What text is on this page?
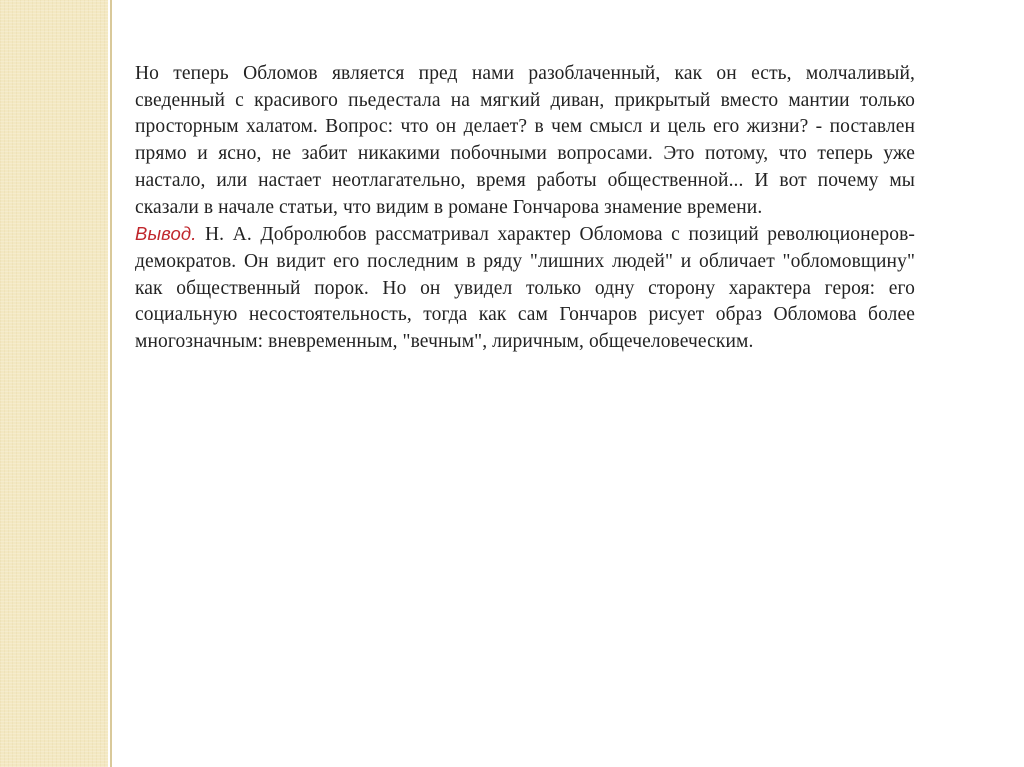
Но теперь Обломов является пред нами разоблаченный, как он есть, молчаливый, сведенный с красивого пьедестала на мягкий диван, прикрытый вместо мантии только просторным халатом. Вопрос: что он делает? в чем смысл и цель его жизни? - поставлен прямо и ясно, не забит никакими побочными вопросами. Это потому, что теперь уже настало, или настает неотлагательно, время работы общественной... И вот почему мы сказали в начале статьи, что видим в романе Гончарова знамение времени.

Вывод. Н. А. Добролюбов рассматривал характер Обломова с позиций революционеров-демократов. Он видит его последним в ряду "лишних людей" и обличает "обломовщину" как общественный порок. Но он увидел только одну сторону характера героя: его социальную несостоятельность, тогда как сам Гончаров рисует образ Обломова более многозначным: вневременным, "вечным", лиричным, общечеловеческим.
